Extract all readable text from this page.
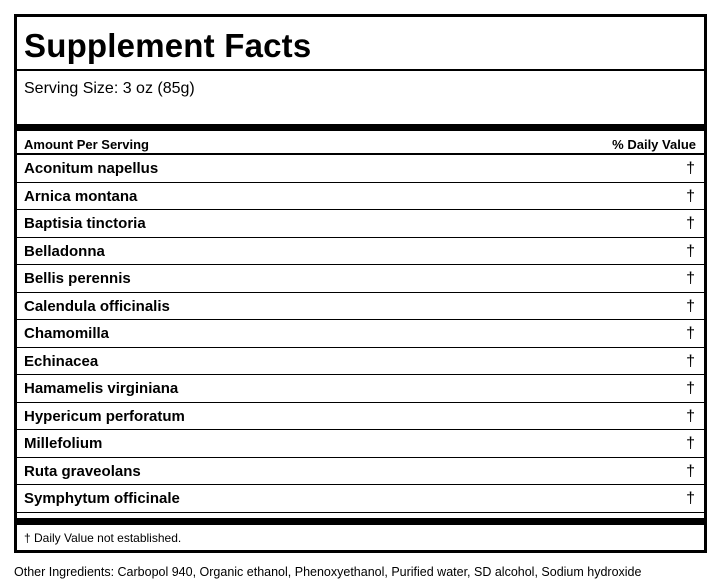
Supplement Facts
Serving Size: 3 oz (85g)
Amount Per Serving	% Daily Value
Aconitum napellus	†
Arnica montana	†
Baptisia tinctoria	†
Belladonna	†
Bellis perennis	†
Calendula officinalis	†
Chamomilla	†
Echinacea	†
Hamamelis virginiana	†
Hypericum perforatum	†
Millefolium	†
Ruta graveolans	†
Symphytum officinale	†
† Daily Value not established.
Other Ingredients: Carbopol 940, Organic ethanol, Phenoxyethanol, Purified water, SD alcohol, Sodium hydroxide
